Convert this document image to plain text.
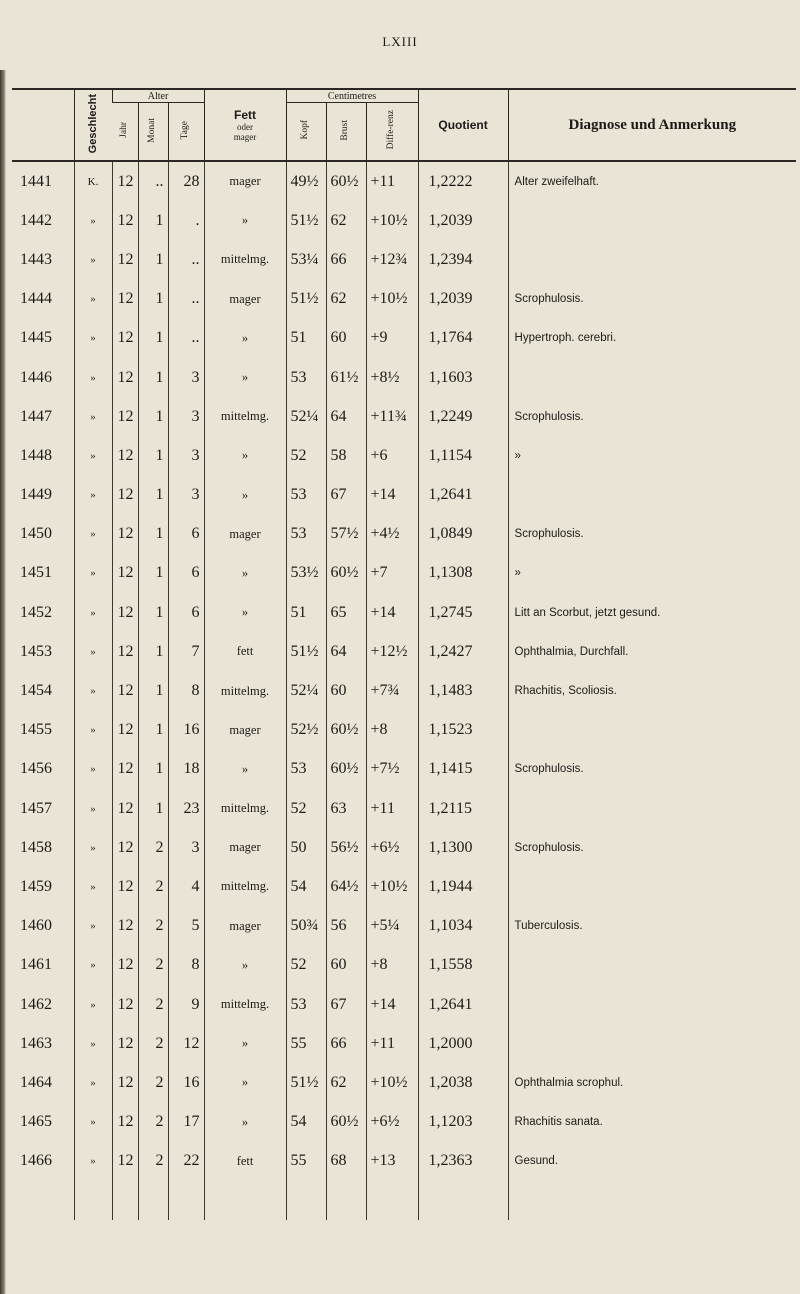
LXIII
	Geschlecht	Alter			Fett
oder
mager	Centimetres			Quotient	Diagnose und Anmerkung
		Jahr	Monat	Tage		Kopf	Brust	Diffe-renz		
1441	K.	12	..	28	mager	49½	60½	+11	1,2222	Alter zweifelhaft.
1442	»	12	1	.	»	51½	62	+10½	1,2039	
1443	»	12	1	..	mittelmg.	53¼	66	+12¾	1,2394	
1444	»	12	1	..	mager	51½	62	+10½	1,2039	Scrophulosis.
1445	»	12	1	..	»	51	60	+9	1,1764	Hypertroph. cerebri.
1446	»	12	1	3	»	53	61½	+8½	1,1603	
1447	»	12	1	3	mittelmg.	52¼	64	+11¾	1,2249	Scrophulosis.
1448	»	12	1	3	»	52	58	+6	1,1154	»
1449	»	12	1	3	»	53	67	+14	1,2641	
1450	»	12	1	6	mager	53	57½	+4½	1,0849	Scrophulosis.
1451	»	12	1	6	»	53½	60½	+7	1,1308	»
1452	»	12	1	6	»	51	65	+14	1,2745	Litt an Scorbut, jetzt gesund.
1453	»	12	1	7	fett	51½	64	+12½	1,2427	Ophthalmia, Durchfall.
1454	»	12	1	8	mittelmg.	52¼	60	+7¾	1,1483	Rhachitis, Scoliosis.
1455	»	12	1	16	mager	52½	60½	+8	1,1523	
1456	»	12	1	18	»	53	60½	+7½	1,1415	Scrophulosis.
1457	»	12	1	23	mittelmg.	52	63	+11	1,2115	
1458	»	12	2	3	mager	50	56½	+6½	1,1300	Scrophulosis.
1459	»	12	2	4	mittelmg.	54	64½	+10½	1,1944	
1460	»	12	2	5	mager	50¾	56	+5¼	1,1034	Tuberculosis.
1461	»	12	2	8	»	52	60	+8	1,1558	
1462	»	12	2	9	mittelmg.	53	67	+14	1,2641	
1463	»	12	2	12	»	55	66	+11	1,2000	
1464	»	12	2	16	»	51½	62	+10½	1,2038	Ophthalmia scrophul.
1465	»	12	2	17	»	54	60½	+6½	1,1203	Rhachitis sanata.
1466	»	12	2	22	fett	55	68	+13	1,2363	Gesund.
